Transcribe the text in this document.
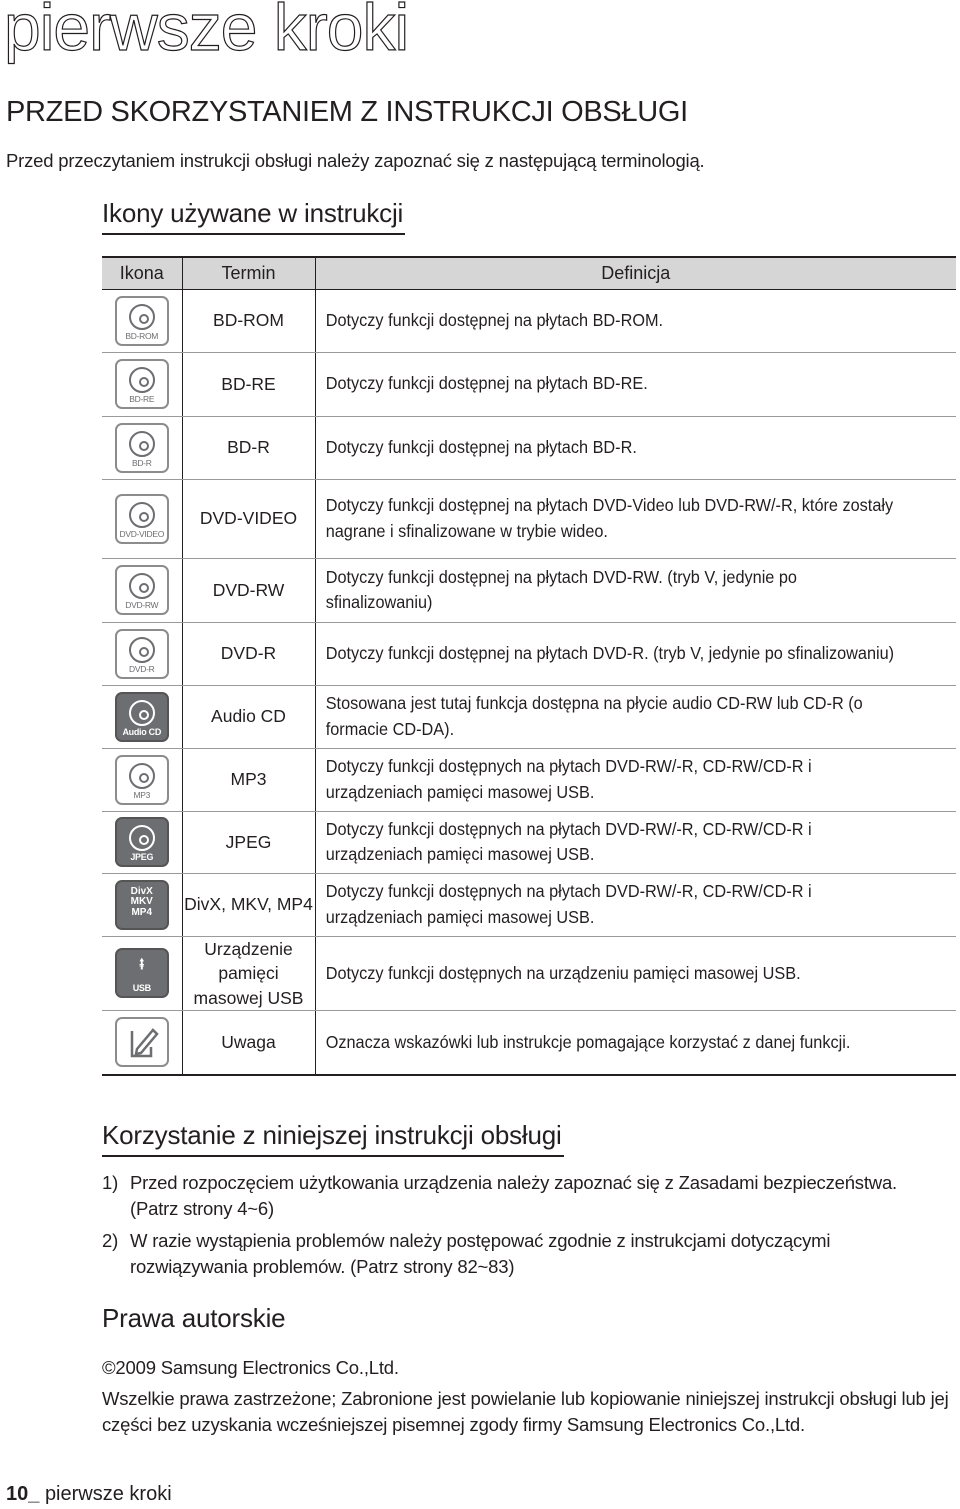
pierwsze kroki
PRZED SKORZYSTANIEM Z INSTRUKCJI OBSŁUGI
Przed przeczytaniem instrukcji obsługi należy zapoznać się z następującą terminologią.
Ikony używane w instrukcji
Ikona	Termin	Definicja

BD-ROM	BD-ROM	Dotyczy funkcji dostępnej na płytach BD-ROM.

BD-RE	BD-RE	Dotyczy funkcji dostępnej na płytach BD-RE.

BD-R	BD-R	Dotyczy funkcji dostępnej na płytach BD-R.

DVD-VIDEO	DVD-VIDEO	Dotyczy funkcji dostępnej na płytach DVD-Video lub DVD-RW/-R, które zostały nagrane i sfinalizowane w trybie wideo.

DVD-RW	DVD-RW	Dotyczy funkcji dostępnej na płytach DVD-RW. (tryb V, jedynie po sfinalizowaniu)

DVD-R	DVD-R	Dotyczy funkcji dostępnej na płytach DVD-R. (tryb V, jedynie po sfinalizowaniu)

Audio CD	Audio CD	Stosowana jest tutaj funkcja dostępna na płycie audio CD-RW lub CD-R (o formacie CD-DA).

MP3	MP3	Dotyczy funkcji dostępnych na płytach DVD-RW/-R, CD-RW/CD-R i urządzeniach pamięci masowej USB.

JPEG	JPEG	Dotyczy funkcji dostępnych na płytach DVD-RW/-R, CD-RW/CD-R i urządzeniach pamięci masowej USB.

DivX
MKV
MP4	DivX, MKV, MP4	Dotyczy funkcji dostępnych na płytach DVD-RW/-R, CD-RW/CD-R i urządzeniach pamięci masowej USB.

⭻
USB	Urządzenie pamięci masowej USB	Dotyczy funkcji dostępnych na urządzeniu pamięci masowej USB.

	Uwaga	Oznacza wskazówki lub instrukcje pomagające korzystać z danej funkcji.
Korzystanie z niniejszej instrukcji obsługi
1) Przed rozpoczęciem użytkowania urządzenia należy zapoznać się z Zasadami bezpieczeństwa. (Patrz strony 4~6)
2) W razie wystąpienia problemów należy postępować zgodnie z instrukcjami dotyczącymi rozwiązywania problemów. (Patrz strony 82~83)
Prawa autorskie
©2009 Samsung Electronics Co.,Ltd.
Wszelkie prawa zastrzeżone; Zabronione jest powielanie lub kopiowanie niniejszej instrukcji obsługi lub jej części bez uzyskania wcześniejszej pisemnej zgody firmy Samsung Electronics Co.,Ltd.
10_ pierwsze kroki
